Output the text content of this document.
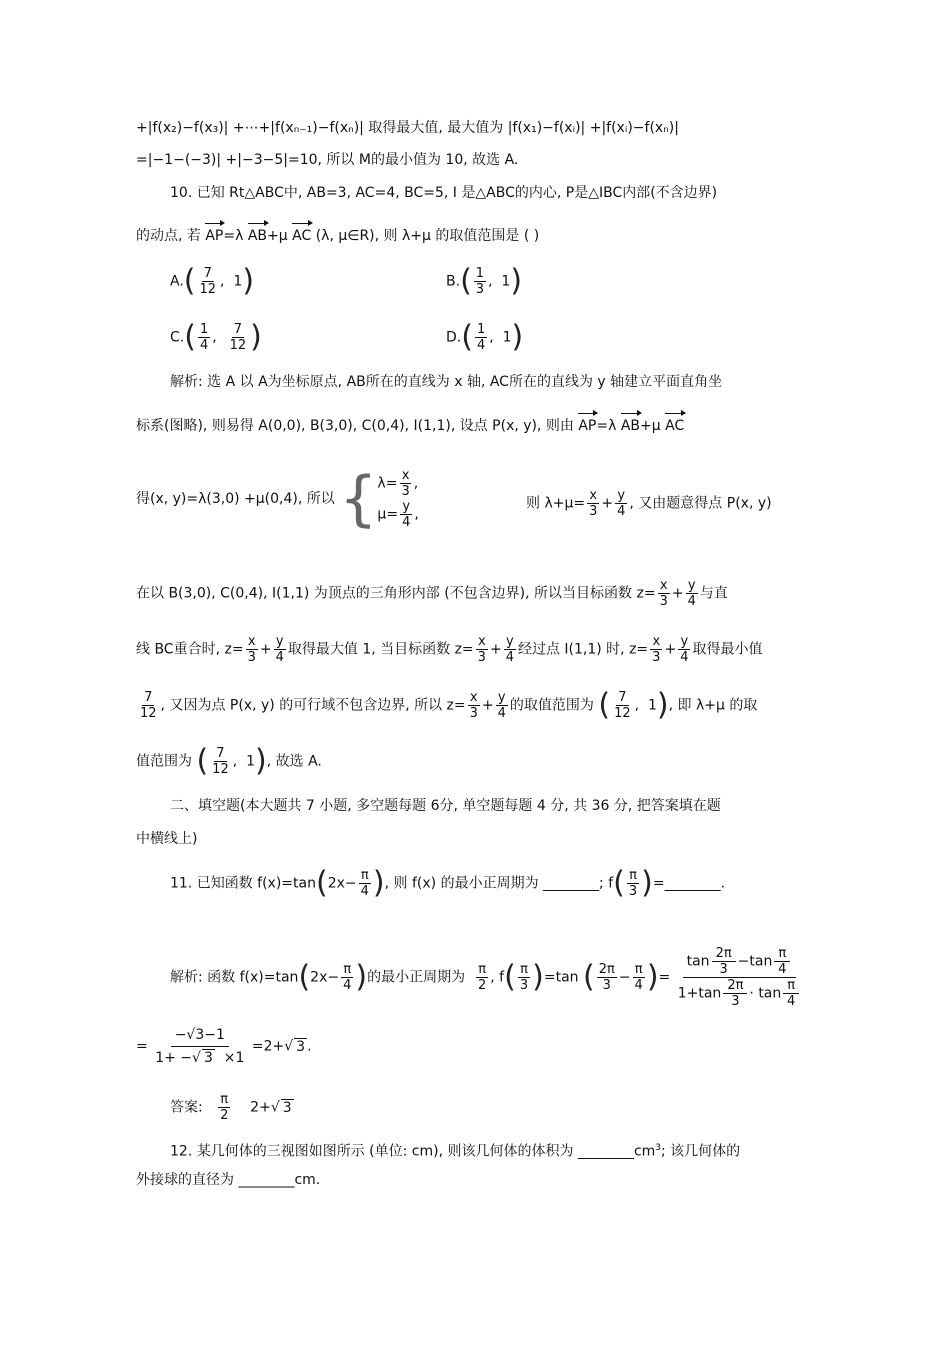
+|f(x₂)−f(x₃)| +⋯+|f(xₙ₋₁)−f(xₙ)| 取得最大值, 最大值为 |f(x₁)−f(xᵢ)| +|f(xᵢ)−f(xₙ)|
=|−1−(−3)| +|−3−5|=10, 所以 M的最小值为 10, 故选 A.
10. 已知 Rt△ABC中, AB=3, AC=4, BC=5, I 是△ABC的内心, P是△IBC内部(不含边界)
的动点, 若 AP=λ AB+μ AC (λ, μ∈R), 则 λ+μ 的取值范围是 ( )
$A.( \frac{7}{12}$ , 1)	$B.( \frac{1}{3}$ , 1)
$C.( \frac{1}{4}$ , $\frac{7}{12}$ )	$D.( \frac{1}{4}$ , 1)
解析: 选 A 以 A为坐标原点, AB所在的直线为 x 轴, AC所在的直线为 y 轴建立平面直角坐
标系(图略), 则易得 A(0,0), B(3,0), C(0,4), I(1,1), 设点 P(x, y), 则由 AP=λ AB+μ AC
得(x, y)=λ(3,0) +μ(0,4), 所以 { $\lambda= \frac{x}{3}$ ,
$\mu= \frac{y}{4}$ ,
则 $\lambda+\mu= \frac{x}{3} + \frac{y}{4}$ , 又由题意得点 P(x, y)
在以 B(3,0), C(0,4), I(1,1) 为顶点的三角形内部 (不包含边界), 所以当目标函数 $z= \frac{x}{3} + \frac{y}{4}$ 与直
线 BC重合时, $z= \frac{x}{3} + \frac{y}{4}$ 取得最大值 1, 当目标函数 $z= \frac{x}{3} + \frac{y}{4}$ 经过点 I(1,1) 时, $z= \frac{x}{3} + \frac{y}{4}$ 取得最小值
$\frac{7}{12}$ , 又因为点 P(x, y) 的可行域不包含边界, 所以 $z= \frac{x}{3} + \frac{y}{4}$ 的取值范围为 ( $\frac{7}{12}$ , 1), 即 λ+μ 的取
值范围为 ( $\frac{7}{12}$ , 1), 故选 A.
二、填空题(本大题共 7 小题, 多空题每题 6分, 单空题每题 4 分, 共 36 分, 把答案填在题
中横线上)
11. 已知函数 $f(x)=\tan(2x- \frac{\pi}{4}$ ), 则 f(x) 的最小正周期为 ________; $f( \frac{\pi}{3}$ )=________.
解析: 函数 $f(x)=\tan(2x- \frac{\pi}{4}$ )的最小正周期为 $\frac{\pi}{2}$ , $f( \frac{\pi}{3} )=\tan$ ( $\frac{2\pi}{3} - \frac{\pi}{4}$ )= $\frac{\tan \frac{2\pi}{3} -\tan \frac{\pi}{4}}{1+\tan \frac{2\pi}{3} \cdot \tan \frac{\pi}{4}}$
= $\frac{-√3-1}{1+ -√ 3 \times 1} =2+√$ 3 .
答案: $\frac{\pi}{2} 2+√$ 3
12. 某几何体的三视图如图所示 (单位: cm), 则该几何体的体积为 $\_\_\_\_\_\_\_\_cm^3$; 该几何体的
外接球的直径为 ________cm.
